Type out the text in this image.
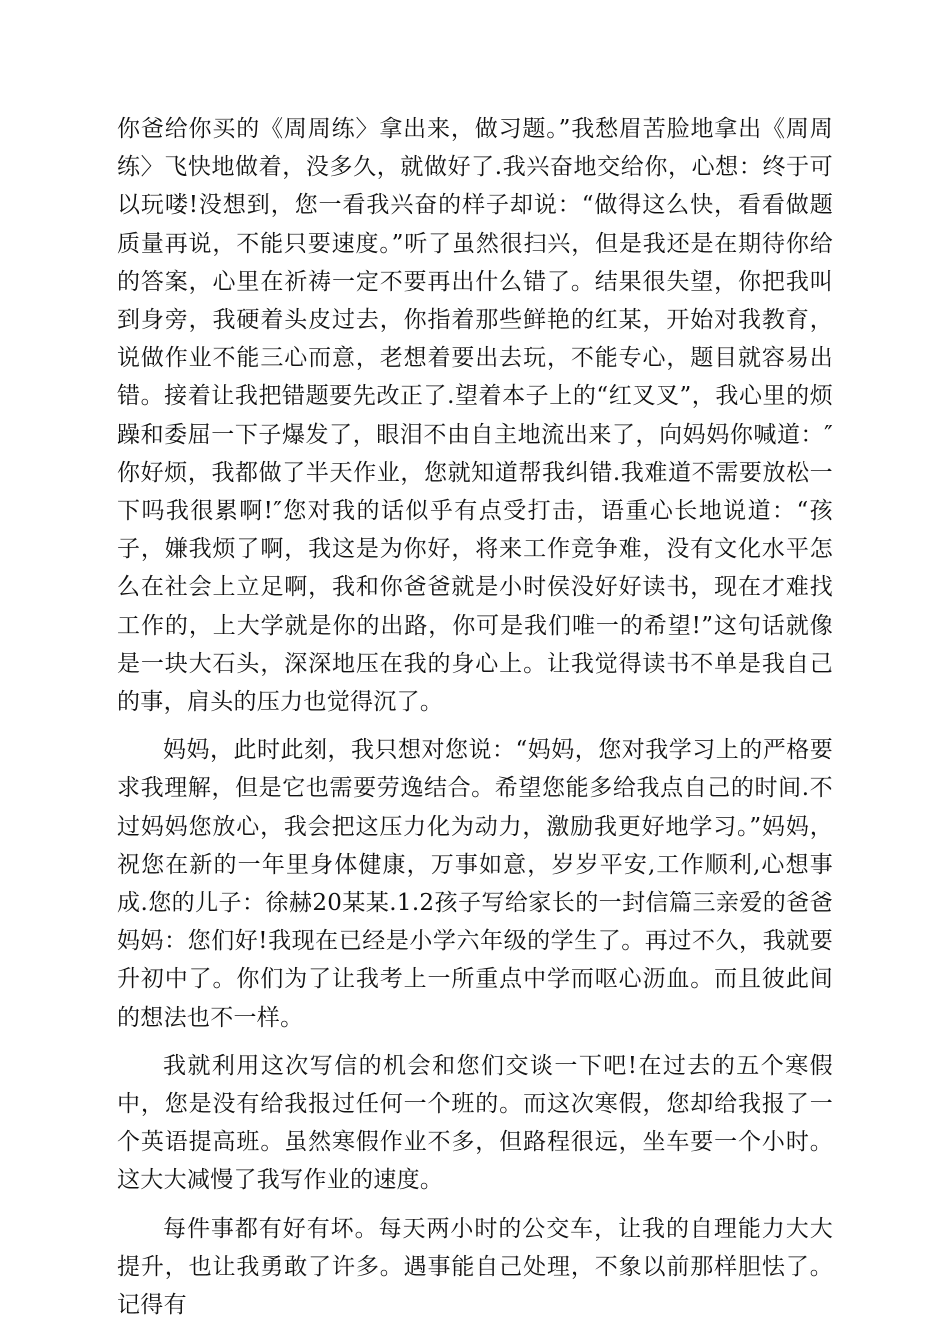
你爸给你买的《周周练〉拿出来，做习题。”我愁眉苦脸地拿出《周周练〉飞快地做着，没多久，就做好了.我兴奋地交给你，心想：终于可以玩喽!没想到，您一看我兴奋的样子却说：“做得这么快，看看做题质量再说，不能只要速度。”听了虽然很扫兴，但是我还是在期待你给的答案，心里在祈祷一定不要再出什么错了。结果很失望，你把我叫到身旁，我硬着头皮过去，你指着那些鲜艳的红某，开始对我教育，说做作业不能三心而意，老想着要出去玩，不能专心，题目就容易出错。接着让我把错题要先改正了.望着本子上的“红叉叉”，我心里的烦躁和委屈一下子爆发了，眼泪不由自主地流出来了，向妈妈你喊道：″你好烦，我都做了半天作业，您就知道帮我纠错.我难道不需要放松一下吗我很累啊!″您对我的话似乎有点受打击，语重心长地说道：“孩子，嫌我烦了啊，我这是为你好，将来工作竞争难，没有文化水平怎么在社会上立足啊，我和你爸爸就是小时侯没好好读书，现在才难找工作的，上大学就是你的出路，你可是我们唯一的希望!”这句话就像是一块大石头，深深地压在我的身心上。让我觉得读书不单是我自己的事，肩头的压力也觉得沉了。

妈妈，此时此刻，我只想对您说：“妈妈，您对我学习上的严格要求我理解，但是它也需要劳逸结合。希望您能多给我点自己的时间.不过妈妈您放心，我会把这压力化为动力，激励我更好地学习。”妈妈，祝您在新的一年里身体健康，万事如意，岁岁平安,工作顺利,心想事成.您的儿子：徐赫20某某.1.2孩子写给家长的一封信篇三亲爱的爸爸妈妈：您们好!我现在已经是小学六年级的学生了。再过不久，我就要升初中了。你们为了让我考上一所重点中学而呕心沥血。而且彼此间的想法也不一样。

我就利用这次写信的机会和您们交谈一下吧!在过去的五个寒假中，您是没有给我报过任何一个班的。而这次寒假，您却给我报了一个英语提高班。虽然寒假作业不多，但路程很远，坐车要一个小时。这大大减慢了我写作业的速度。

每件事都有好有坏。每天两小时的公交车，让我的自理能力大大提升，也让我勇敢了许多。遇事能自己处理，不象以前那样胆怯了。记得有
